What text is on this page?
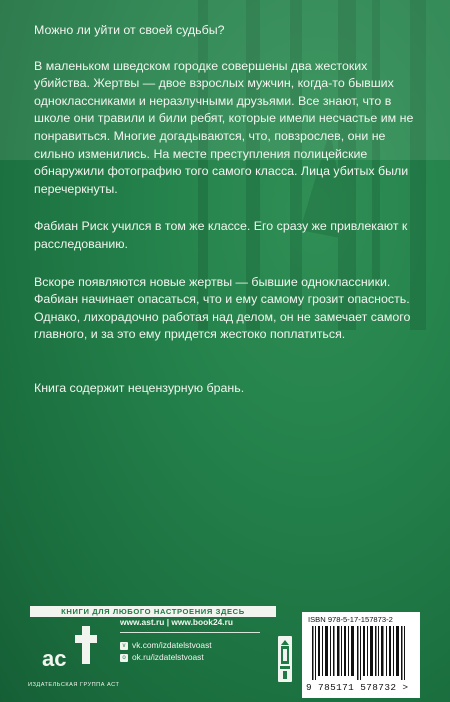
Можно ли уйти от своей судьбы?

В маленьком шведском городке совершены два жестоких убийства. Жертвы — двое взрослых мужчин, когда-то бывших одноклассниками и неразлучными друзьями. Все знают, что в школе они травили и били ребят, которые имели несчастье им не понравиться. Многие догадываются, что, повзрослев, они не сильно изменились. На месте преступления полицейские обнаружили фотографию того самого класса. Лица убитых были перечеркнуты.

Фабиан Риск учился в том же классе. Его сразу же привлекают к расследованию.

Вскоре появляются новые жертвы — бывшие одноклассники. Фабиан начинает опасаться, что и ему самому грозит опасность. Однако, лихорадочно работая над делом, он не замечает самого главного, и за это ему придется жестоко поплатиться.

Книга содержит нецензурную брань.

КНИГИ ДЛЯ ЛЮБОГО НАСТРОЕНИЯ ЗДЕСЬ
ac
ИЗДАТЕЛЬСКАЯ ГРУППА АСТ
www.ast.ru | www.book24.ru
v vk.com/izdatelstvoast
o ok.ru/izdatelstvoast
ISBN 978-5-17-157873-2
9 785171 578732 >
